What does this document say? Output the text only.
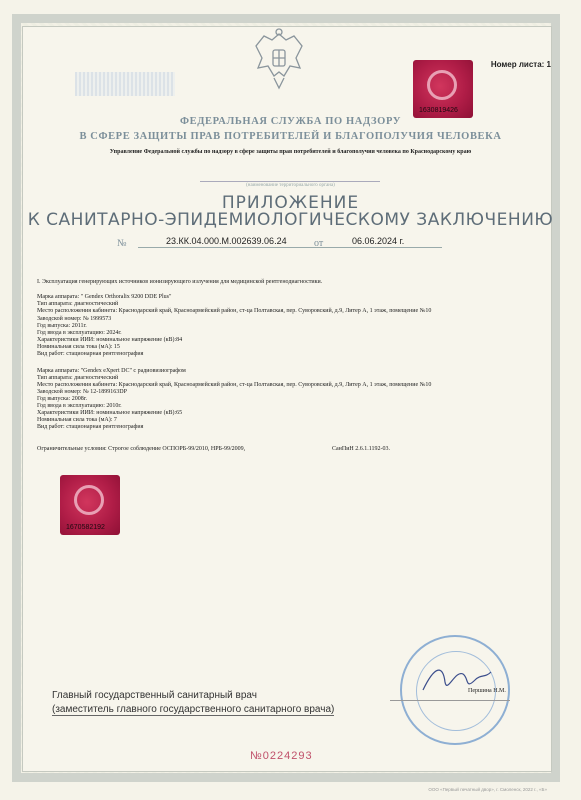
Номер листа: 1
1630819426
ФЕДЕРАЛЬНАЯ СЛУЖБА ПО НАДЗОРУ
В СФЕРЕ ЗАЩИТЫ ПРАВ ПОТРЕБИТЕЛЕЙ И БЛАГОПОЛУЧИЯ ЧЕЛОВЕКА
Управление Федеральной службы по надзору в сфере защиты прав потребителей и благополучия человека по Краснодарскому краю
(наименование территориального органа)
ПРИЛОЖЕНИЕ
К САНИТАРНО-ЭПИДЕМИОЛОГИЧЕСКОМУ ЗАКЛЮЧЕНИЮ
№	23.КК.04.000.М.002639.06.24	от	06.06.2024 г.
I. Эксплуатация генерирующих источников ионизирующего излучения для медицинской рентгенодиагностики.
Марка аппарата: " Gendex Orthoralix 9200 DDE Plus"
Тип аппарата: диагностический
Место расположения кабинета: Краснодарский край, Красноармейский район, ст-ца Полтавская, пер. Суворовский, д.9, Литер А, 1 этаж, помещение №10
Заводской номер: № 1999573
Год выпуска: 2011г.
Год ввода в эксплуатацию: 2024г.
Характеристики ИИИ: номинальное напряжение (кВ):84
Номинальная сила тока (мА): 15
Вид работ: стационарная рентгенография
Марка аппарата: "Gendex eXpert DC" с радиовизиографом
Тип аппарата: диагностический
Место расположения кабинета: Краснодарский край, Красноармейский район, ст-ца Полтавская, пер. Суворовский, д.9, Литер А, 1 этаж, помещение №10
Заводской номер: № 12-1899163DP
Год выпуска: 2008г.
Год ввода в эксплуатацию: 2010г.
Характеристики ИИИ: номинальное напряжение (кВ):65
Номинальная сила тока (мА): 7
Вид работ: стационарная рентгенография
Ограничительные условия: Строгое соблюдение ОСПОРБ-99/2010, НРБ-99/2009,	СанПиН 2.6.1.1192-03.
1670582192
Главный государственный санитарный врач
(заместитель главного государственного санитарного врача)
Першина Н.М.
№0224293
ООО «Первый печатный двор», г. Смоленск, 2022 г., «Б»
